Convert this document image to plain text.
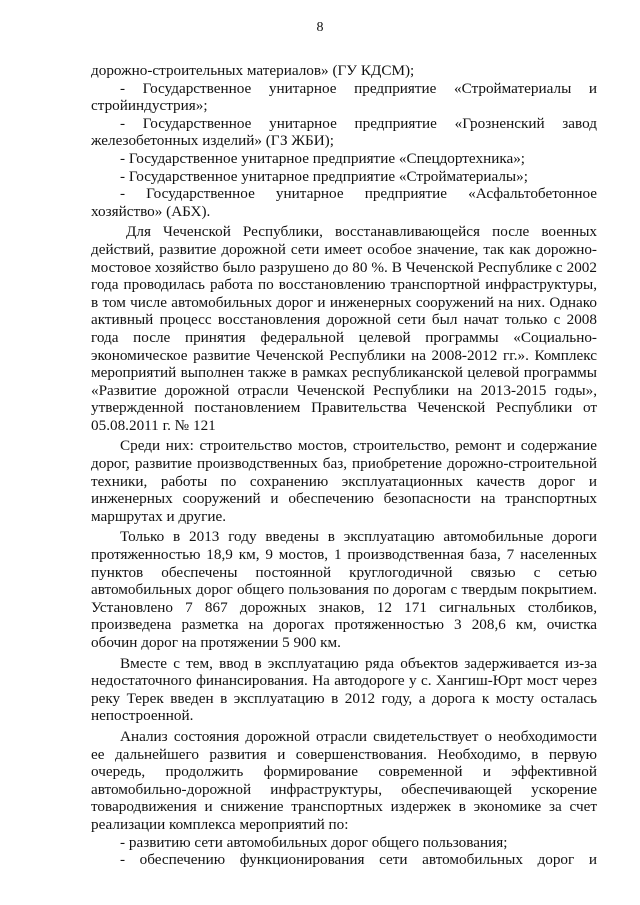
8
дорожно-строительных материалов» (ГУ КДСМ);
- Государственное унитарное предприятие «Стройматериалы и
стройиндустрия»;
- Государственное унитарное предприятие «Грозненский завод
железобетонных изделий» (ГЗ ЖБИ);
- Государственное унитарное предприятие «Спецдортехника»;
- Государственное унитарное предприятие «Стройматериалы»;
- Государственное унитарное предприятие «Асфальтобетонное
хозяйство» (АБХ).
Для Чеченской Республики, восстанавливающейся после военных
действий, развитие дорожной сети имеет особое значение, так как дорожно-
мостовое хозяйство было разрушено до 80 %. В Чеченской Республике с 2002
года проводилась работа по восстановлению транспортной инфраструктуры,
в том числе автомобильных дорог и инженерных сооружений на них. Однако
активный процесс восстановления дорожной сети был начат только с 2008
года после принятия федеральной целевой программы «Социально-
экономическое развитие Чеченской Республики на 2008-2012 гг.». Комплекс
мероприятий выполнен также в рамках республиканской целевой программы
«Развитие дорожной отрасли Чеченской Республики на 2013-2015 годы»,
утвержденной постановлением Правительства Чеченской Республики от
05.08.2011 г. № 121
Среди них: строительство мостов, строительство, ремонт и содержание
дорог, развитие производственных баз, приобретение дорожно-строительной
техники, работы по сохранению эксплуатационных качеств дорог и
инженерных сооружений и обеспечению безопасности на транспортных
маршрутах и другие.
Только в 2013 году введены в эксплуатацию автомобильные дороги
протяженностью 18,9 км, 9 мостов, 1 производственная база, 7 населенных
пунктов обеспечены постоянной круглогодичной связью с сетью
автомобильных дорог общего пользования по дорогам с твердым покрытием.
Установлено 7 867 дорожных знаков, 12 171 сигнальных столбиков,
произведена разметка на дорогах протяженностью 3 208,6 км, очистка
обочин дорог на протяжении 5 900 км.
Вместе с тем, ввод в эксплуатацию ряда объектов задерживается из-за
недостаточного финансирования. На автодороге у с. Хангиш-Юрт мост через
реку Терек введен в эксплуатацию в 2012 году, а дорога к мосту осталась
непостроенной.
Анализ состояния дорожной отрасли свидетельствует о необходимости
ее дальнейшего развития и совершенствования. Необходимо, в первую
очередь, продолжить формирование современной и эффективной
автомобильно-дорожной инфраструктуры, обеспечивающей ускорение
товародвижения и снижение транспортных издержек в экономике за счет
реализации комплекса мероприятий по:
- развитию сети автомобильных дорог общего пользования;
- обеспечению функционирования сети автомобильных дорог и
